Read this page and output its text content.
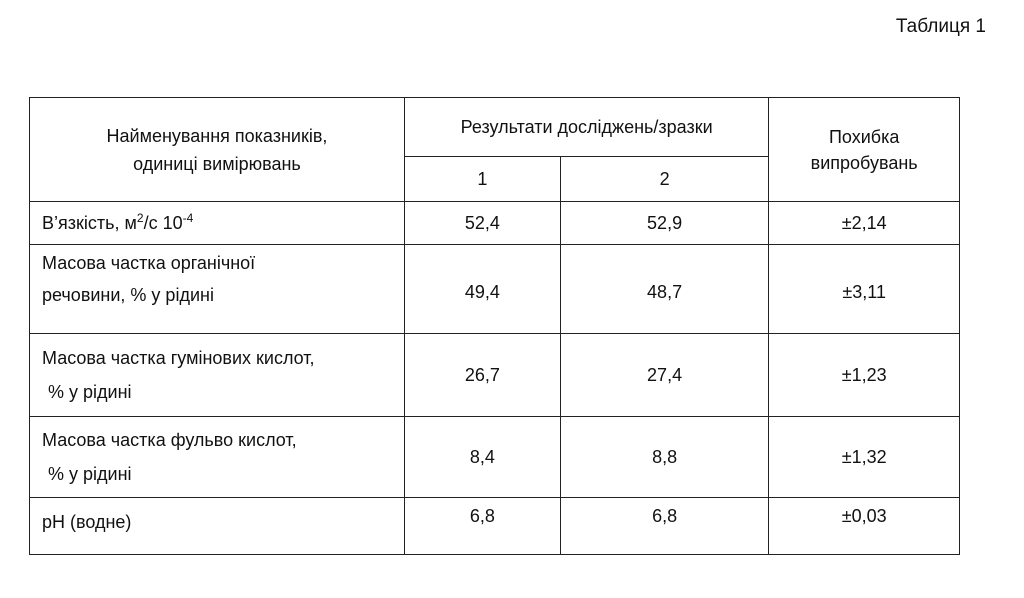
Таблиця 1
Найменування показників,
одиниці вимірювань	Результати досліджень/зразки		Похибка
випробувань
	1	2	
В’язкість, $м^2/с$ $10^{-4}$	52,4	52,9	±2,14
Масова частка органічної
речовини, % у рідині	49,4	48,7	±3,11
Масова частка гумінових кислот,
% у рідині	26,7	27,4	±1,23
Масова частка фульво кислот,
% у рідині	8,4	8,8	±1,32
pH (водне)	6,8	6,8	±0,03
